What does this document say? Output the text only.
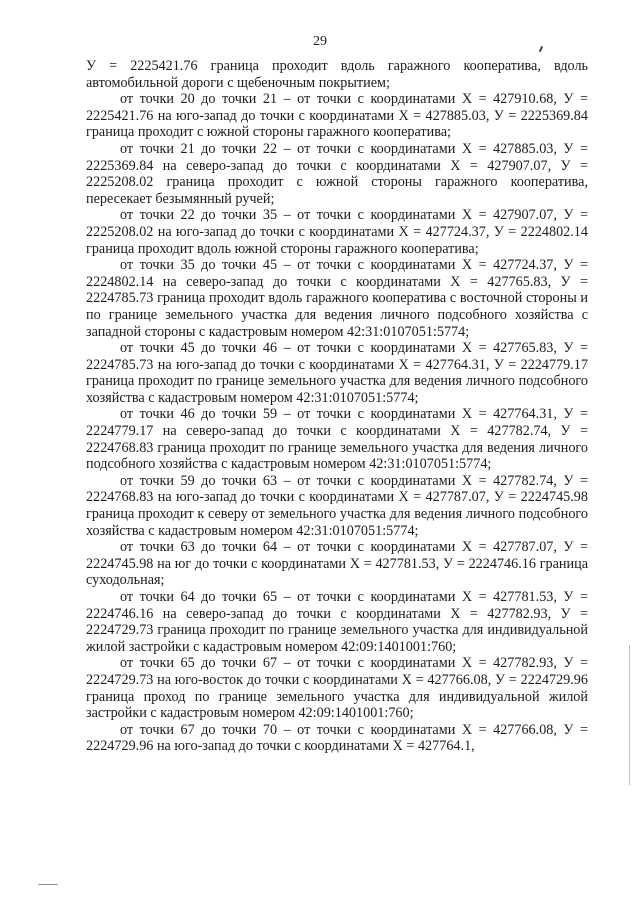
29

У = 2225421.76 граница проходит вдоль гаражного кооператива, вдоль автомобильной дороги с щебеночным покрытием;

от точки 20 до точки 21 – от точки с координатами Х = 427910.68, У = 2225421.76 на юго-запад до точки с координатами Х = 427885.03, У = 2225369.84 граница проходит с южной стороны гаражного кооператива;

от точки 21 до точки 22 – от точки с координатами Х = 427885.03, У = 2225369.84 на северо-запад до точки с координатами Х = 427907.07, У = 2225208.02 граница проходит с южной стороны гаражного кооператива, пересекает безымянный ручей;

от точки 22 до точки 35 – от точки с координатами Х = 427907.07, У = 2225208.02 на юго-запад до точки с координатами Х = 427724.37, У = 2224802.14 граница проходит вдоль южной стороны гаражного кооператива;

от точки 35 до точки 45 – от точки с координатами Х = 427724.37, У = 2224802.14 на северо-запад до точки с координатами Х = 427765.83, У = 2224785.73 граница проходит вдоль гаражного кооператива с восточной стороны и по границе земельного участка для ведения личного подсобного хозяйства с западной стороны с кадастровым номером 42:31:0107051:5774;

от точки 45 до точки 46 – от точки с координатами Х = 427765.83, У = 2224785.73 на юго-запад до точки с координатами Х = 427764.31, У = 2224779.17 граница проходит по границе земельного участка для ведения личного подсобного хозяйства с кадастровым номером 42:31:0107051:5774;

от точки 46 до точки 59 – от точки с координатами Х = 427764.31, У = 2224779.17 на северо-запад до точки с координатами Х = 427782.74, У = 2224768.83 граница проходит по границе земельного участка для ведения личного подсобного хозяйства с кадастровым номером 42:31:0107051:5774;

от точки 59 до точки 63 – от точки с координатами Х = 427782.74, У = 2224768.83 на юго-запад до точки с координатами Х = 427787.07, У = 2224745.98 граница проходит к северу от земельного участка для ведения личного подсобного хозяйства с кадастровым номером 42:31:0107051:5774;

от точки 63 до точки 64 – от точки с координатами Х = 427787.07, У = 2224745.98 на юг до точки с координатами Х = 427781.53, У = 2224746.16 граница суходольная;

от точки 64 до точки 65 – от точки с координатами Х = 427781.53, У = 2224746.16 на северо-запад до точки с координатами Х = 427782.93, У = 2224729.73 граница проходит по границе земельного участка для индивидуальной жилой застройки с кадастровым номером 42:09:1401001:760;

от точки 65 до точки 67 – от точки с координатами Х = 427782.93, У = 2224729.73 на юго-восток до точки с координатами Х = 427766.08, У = 2224729.96 граница проход по границе земельного участка для индивидуальной жилой застройки с кадастровым номером 42:09:1401001:760;

от точки 67 до точки 70 – от точки с координатами Х = 427766.08, У = 2224729.96 на юго-запад до точки с координатами Х = 427764.1,
